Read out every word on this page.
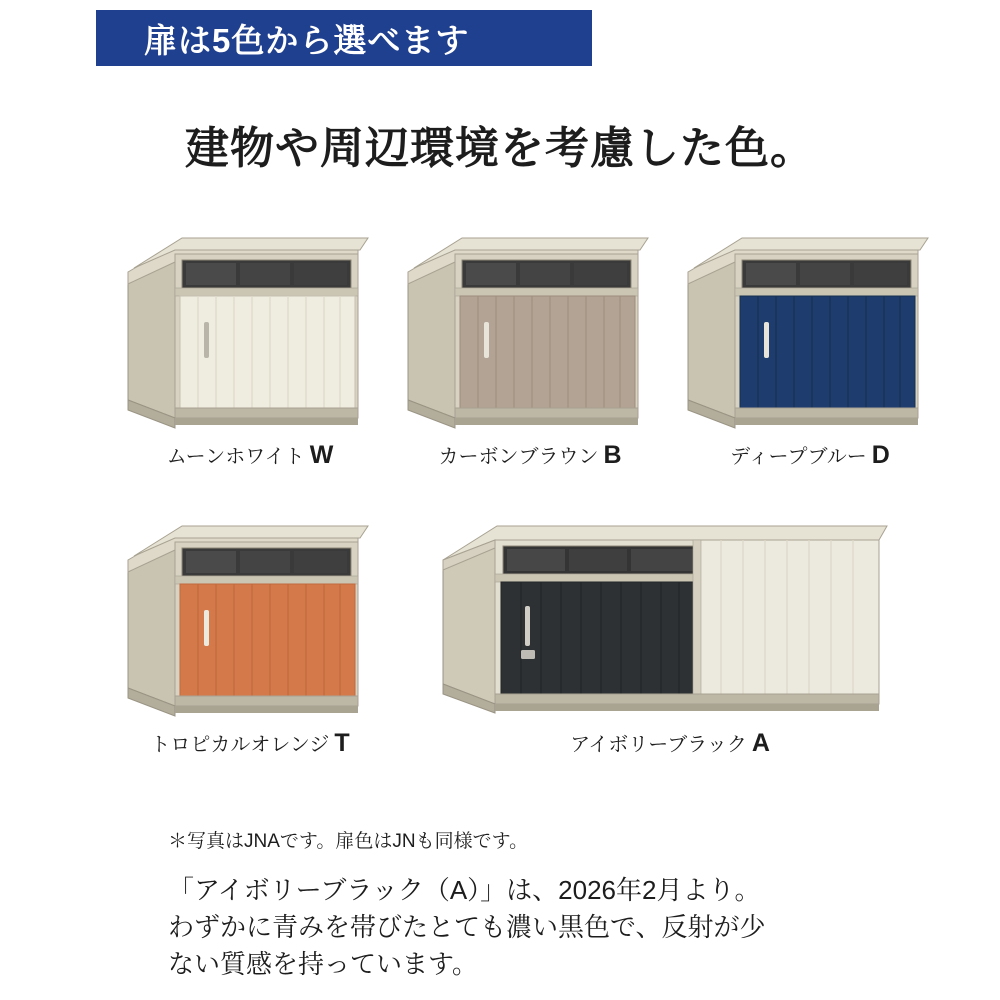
扉は5色から選べます
建物や周辺環境を考慮した色。
ムーンホワイト W	カーボンブラウン B	ディープブルー D
トロピカルオレンジ T	アイボリーブラック A
＊写真はJNAです。扉色はJNも同様です。
「アイボリーブラック（A）」は、2026年2月より。
わずかに青みを帯びたとても濃い黒色で、反射が少
ない質感を持っています。
